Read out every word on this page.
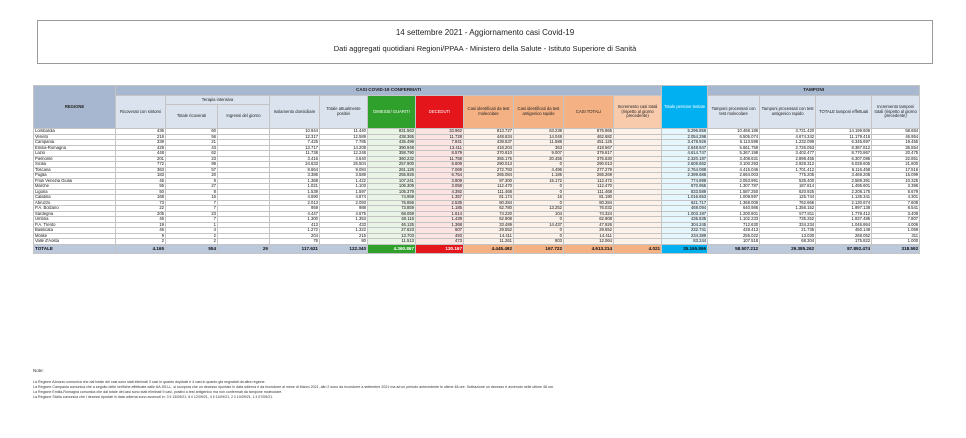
14 settembre 2021 - Aggiornamento casi Covid-19
Dati aggregati quotidiani Regioni/PPAA - Ministero della Salute - Istituto Superiore di Sanità
REGIONE	CASI COVID-19 CONFERMATI											Totale persone testate	TAMPONI			
	Ricoverati con sintomi	Terapia intensiva		Isolamento domiciliare	Totale attualmente positivi	DIMESSI/ GUARITI	DECEDUTI	Casi identificati da test molecolare	Casi identificati da test antigenico rapido	CASI TOTALI	Incremento casi totali (rispetto al giorno precedente)		Tamponi processati con test molecolare	Tamponi processati con test antigenico rapido	TOTALE tamponi effettuati	Incremento tamponi totali (rispetto al giorno precedente)
		Totale ricoverati	Ingressi del giorno													
Lombardia	436	60		10.944	11.440	831.563	33.962	813.727	63.238	876.965		5.296.856	10.468.186	3.731.420	14.199.606	58.684
Veneto	216	56		12.317	12.589	438.365	11.728	448.634	14.048	462.682		2.054.298	6.505.074	4.674.342	11.179.416	46.954
Campania	339	21		7.425	7.785	435.499	7.841	439.537	11.588	451.125		3.478.926	5.113.598	1.232.099	6.345.697	19.455
Emilia-Romagna	428	43		13.717	14.208	390.948	13.411	418.204	363	418.567		2.648.947	5.661.759	2.726.053	8.387.812	35.554
Lazio	448	62		11.738	12.248	358.790	8.579	370.610	9.007	379.617		4.614.747	5.367.198	3.402.477	8.770.867	20.475
Piemonte	201	23		3.416	3.640	360.232	11.758	355.175	20.455	375.630		2.320.187	3.408.631	2.898.455	6.307.086	22.851
Sicilia	772	99		24.633	25.504	257.900	6.609	290.013	0	290.013		2.605.662	3.100.293	2.928.312	6.028.605	21.600
Toscana	363	57		8.664	9.084	261.126	7.069	272.783	4.496	277.279		2.764.088	4.415.046	1.701.412	6.116.458	17.516
Puglia	183	20		3.386	3.589	255.926	6.754	265.084	1.185	266.269		2.399.685	2.694.003	775.205	3.469.208	15.099
Friuli Venezia Giulia	45	9		1.368	1.422	107.241	3.809	97.300	15.172	112.472		774.899	2.053.991	535.400	2.589.391	10.325
Marche	55	27		1.021	1.103	106.309	3.058	112.470	0	112.470		870.955	1.307.787	187.814	1.495.601	3.396
Liguria	50	8		1.539	1.597	105.379	4.392	111.468	0	111.468		833.589	1.587.250	620.925	2.208.175	8.679
Calabria	168	16		4.690	4.874	74.959	1.357	81.174	16	81.190		1.016.653	1.009.597	125.744	1.135.341	4.301
Abruzzo	73	7		2.013	2.093	75.656	2.535	80.284	0	80.284		621.717	1.368.008	762.666	2.130.674	7.608
P.A. Bolzano	22	7		959	988	73.859	1.185	62.780	13.252	76.032		469.094	640.986	1.356.152	1.997.138	8.541
Sardegna	205	23		4.447	4.675	68.059	1.614	74.220	104	74.324		1.003.187	1.200.601	577.811	1.778.412	3.408
Umbria	46	7		1.300	1.353	60.116	1.439	62.908	0	62.908		435.835	1.102.233	735.252	1.837.485	7.807
P.A. Trento	19	1		413	433	46.125	1.368	33.489	14.437	47.926		304.245	712.630	334.234	1.046.864	4.006
Basilicata	46	4		1.272	1.322	27.623	607	29.552	0	29.552		232.741	428.413	21.735	450.148	1.059
Molise	9	2		204	215	13.703	493	14.411	0	14.411		234.389	255.022	13.030	268.052	311
Valle d'Aosta	2	2		76	80	11.513	473	11.261	803	12.064		83.244	107.518	68.304	175.822	1.000
TOTALE	4.165	554	29	117.621	122.340	4.360.867	130.167	4.445.492	167.722	4.613.214	4.021	35.165.866	58.507.212	29.385.262	87.892.474	318.592
Note:
La Regione Abruzzo comunica che dal totale dei casi sono stati eliminati 3 casi in quanto duplicati e 4 casi in quanto già segnalati da altra regione.
La Regione Campania comunica che a seguito delle verifiche effettuate dalle AA.SS.LL. si scorpora che un decesso riportato in data odierna è da ricondurre al mese di Marzo 2021, altri 2 sono da ricondurre a settembre 2021 ma ad un periodo antecedente le ultime 48 ore. Sottrazione un decesso è avvenuto nelle ultime 48 ore.
La Regione Emilia-Romagna comunica che dal totale dei casi sono stati eliminati 9 casi, positivi a test antigenico ma non confermati da tampone molecolare.
La Regione Sicilia comunica che i decessi riportati in data odierna sono avvenuti in: 3 il 13/09/21, 6 il 12/09/21, 4 il 11/09/21, 2 il 10/09/21, 1 il 07/09/21.
